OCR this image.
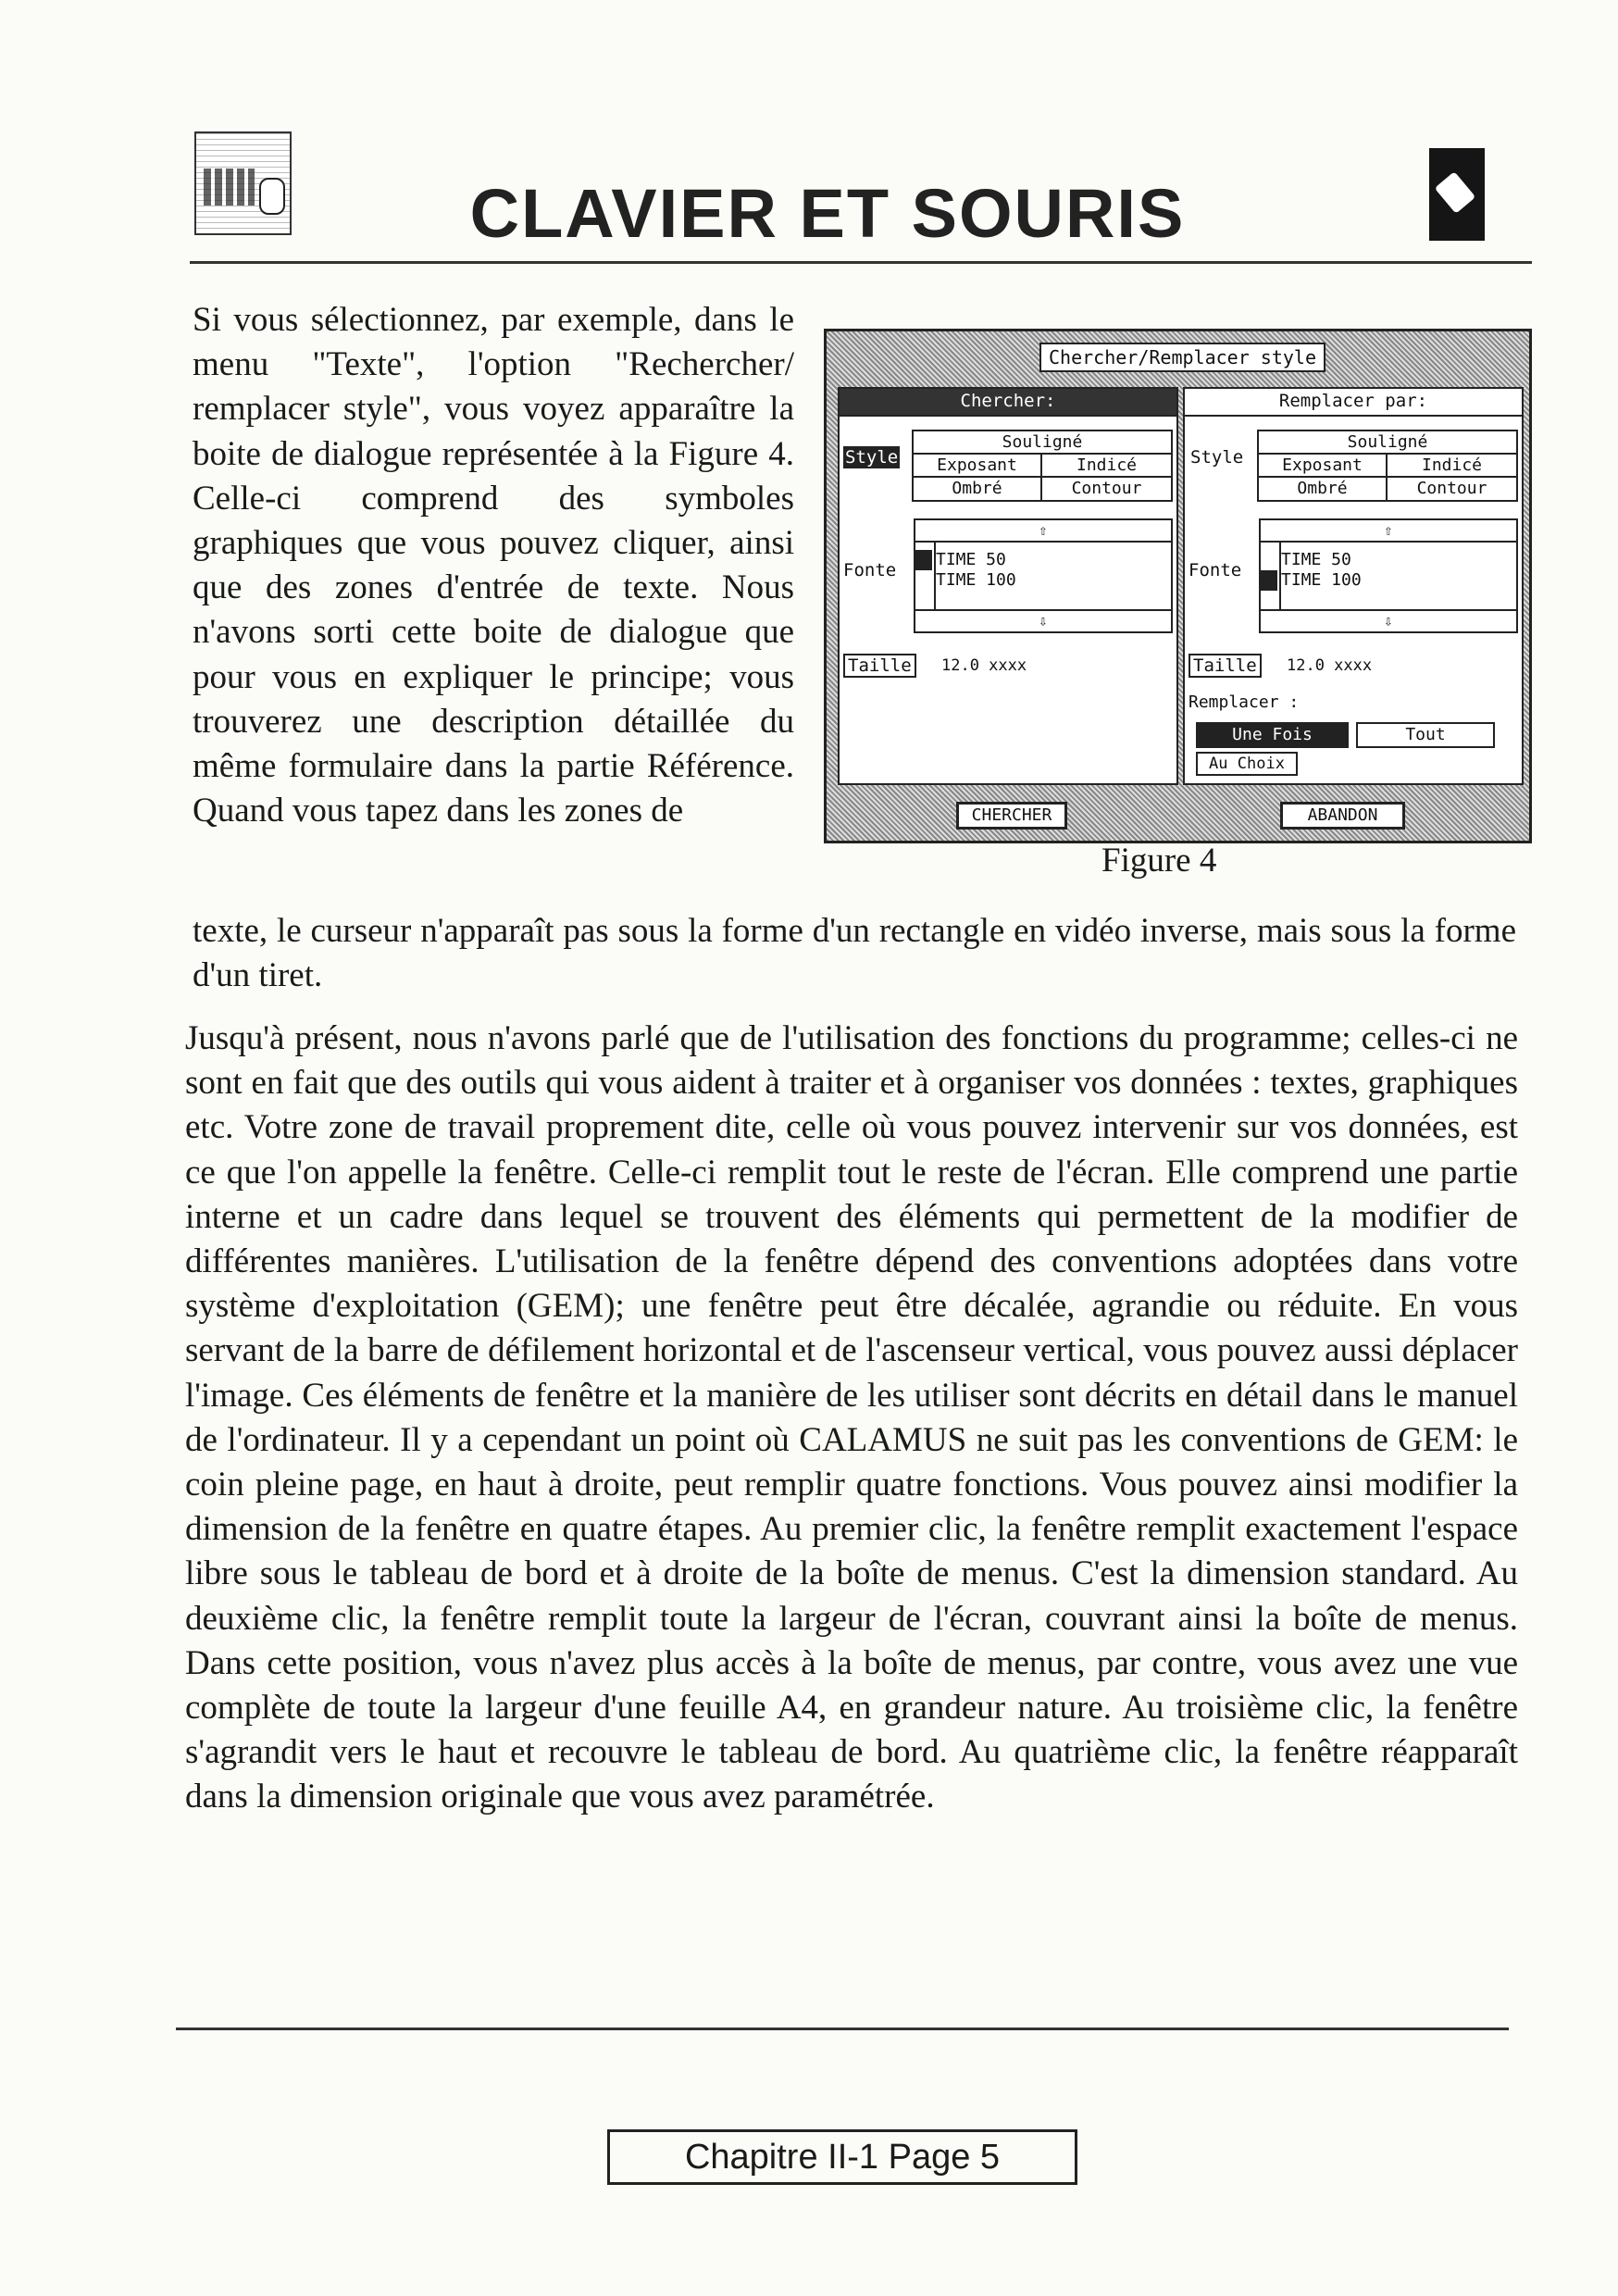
CLAVIER ET SOURIS

Si vous sélectionnez, par exemple, dans le menu "Texte", l'option "Rechercher/ remplacer style", vous voyez apparaître la boite de dialogue représentée à la Figure 4. Celle-ci comprend des symboles graphiques que vous pouvez cliquer, ainsi que des zones d'entrée de texte. Nous n'avons sorti cette boite de dialogue que pour vous en expliquer le principe; vous trouverez une description détaillée du même formulaire dans la partie Référence. Quand vous tapez dans les zones de

texte, le curseur n'apparaît pas sous la forme d'un rectangle en vidéo inverse, mais sous la forme d'un tiret.

Jusqu'à présent, nous n'avons parlé que de l'utilisation des fonctions du programme; celles-ci ne sont en fait que des outils qui vous aident à traiter et à organiser vos données : textes, graphiques etc. Votre zone de travail proprement dite, celle où vous pouvez intervenir sur vos données, est ce que l'on appelle la fenêtre. Celle-ci remplit tout le reste de l'écran. Elle comprend une partie interne et un cadre dans lequel se trouvent des éléments qui permettent de la modifier de différentes manières. L'utilisation de la fenêtre dépend des conventions adoptées dans votre système d'exploitation (GEM); une fenêtre peut être décalée, agrandie ou réduite. En vous servant de la barre de défilement horizontal et de l'ascenseur vertical, vous pouvez aussi déplacer l'image. Ces éléments de fenêtre et la manière de les utiliser sont décrits en détail dans le manuel de l'ordinateur. Il y a cependant un point où CALAMUS ne suit pas les conventions de GEM: le coin pleine page, en haut à droite, peut remplir quatre fonctions. Vous pouvez ainsi modifier la dimension de la fenêtre en quatre étapes. Au premier clic, la fenêtre remplit exactement l'espace libre sous le tableau de bord et à droite de la boîte de menus. C'est la dimension standard. Au deuxième clic, la fenêtre remplit toute la largeur de l'écran, couvrant ainsi la boîte de menus. Dans cette position, vous n'avez plus accès à la boîte de menus, par contre, vous avez une vue complète de toute la largeur d'une feuille A4, en grandeur nature. Au troisième clic, la fenêtre s'agrandit vers le haut et recouvre le tableau de bord. Au quatrième clic, la fenêtre réapparaît dans la dimension originale que vous avez paramétrée.

Chercher/Remplacer style
Chercher:
Style
Souligné
Exposant	Indicé
Ombré	Contour
Fonte
⇧
TIME 50
TIME 100
⇩
Taille 12.0 xxxx
Remplacer par:
Style
Souligné
Exposant	Indicé
Ombré	Contour
Fonte
⇧
TIME 50
TIME 100
⇩
Taille 12.0 xxxx
Remplacer :
Une Fois	Tout
Au Choix
CHERCHER	ABANDON
Figure 4
Chapitre II-1 Page 5
